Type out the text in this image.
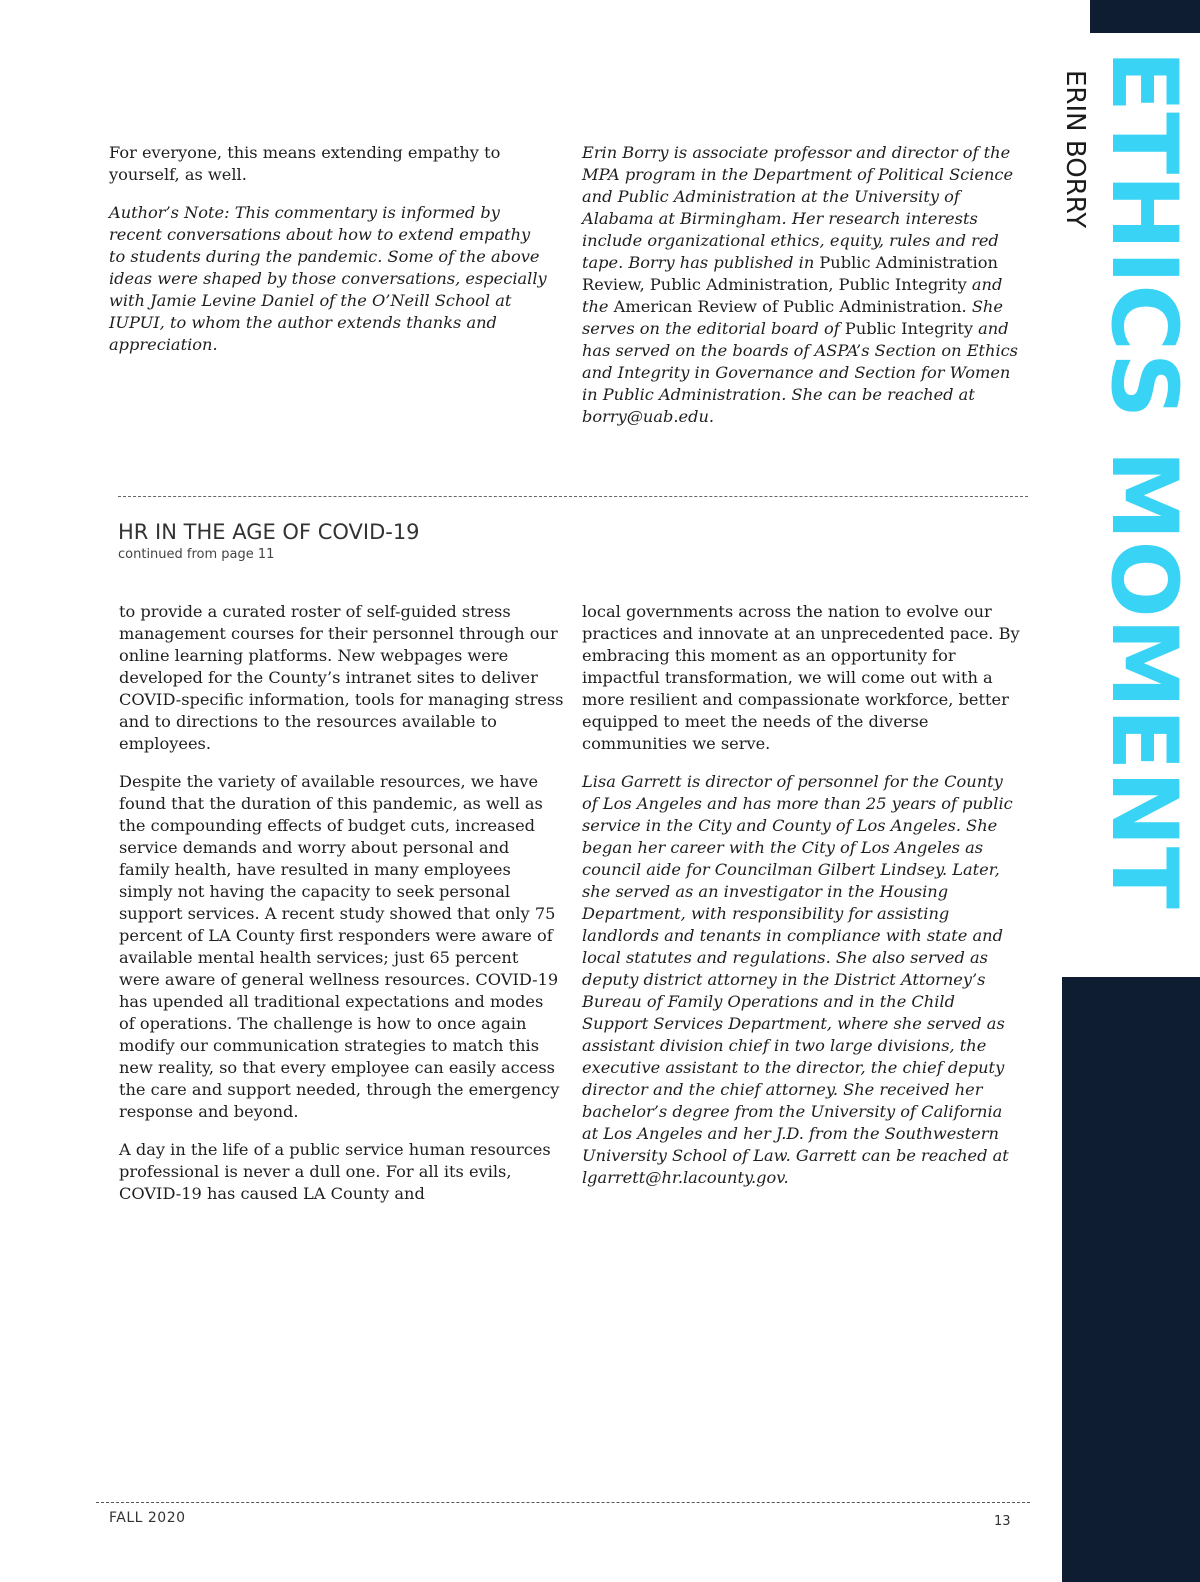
ETHICS MOMENT
ERIN BORRY

For everyone, this means extending empathy to yourself, as well.

Author’s Note: This commentary is informed by recent conversations about how to extend empathy to students during the pandemic. Some of the above ideas were shaped by those conversations, especially with Jamie Levine Daniel of the O’Neill School at IUPUI, to whom the author extends thanks and appreciation.

Erin Borry is associate professor and director of the MPA program in the Department of Political Science and Public Administration at the University of Alabama at Birmingham. Her research interests include organizational ethics, equity, rules and red tape. Borry has published in Public Administration Review, Public Administration, Public Integrity and the American Review of Public Administration. She serves on the editorial board of Public Integrity and has served on the boards of ASPA’s Section on Ethics and Integrity in Governance and Section for Women in Public Administration. She can be reached at borry@uab.edu.

HR IN THE AGE OF COVID-19
continued from page 11

to provide a curated roster of self-guided stress management courses for their personnel through our online learning platforms. New webpages were developed for the County’s intranet sites to deliver COVID-specific information, tools for managing stress and to directions to the resources available to employees.

Despite the variety of available resources, we have found that the duration of this pandemic, as well as the compounding effects of budget cuts, increased service demands and worry about personal and family health, have resulted in many employees simply not having the capacity to seek personal support services. A recent study showed that only 75 percent of LA County first responders were aware of available mental health services; just 65 percent were aware of general wellness resources. COVID-19 has upended all traditional expectations and modes of operations. The challenge is how to once again modify our communication strategies to match this new reality, so that every employee can easily access the care and support needed, through the emergency response and beyond.

A day in the life of a public service human resources professional is never a dull one. For all its evils, COVID-19 has caused LA County and

local governments across the nation to evolve our practices and innovate at an unprecedented pace. By embracing this moment as an opportunity for impactful transformation, we will come out with a more resilient and compassionate workforce, better equipped to meet the needs of the diverse communities we serve.

Lisa Garrett is director of personnel for the County of Los Angeles and has more than 25 years of public service in the City and County of Los Angeles. She began her career with the City of Los Angeles as council aide for Councilman Gilbert Lindsey. Later, she served as an investigator in the Housing Department, with responsibility for assisting landlords and tenants in compliance with state and local statutes and regulations. She also served as deputy district attorney in the District Attorney’s Bureau of Family Operations and in the Child Support Services Department, where she served as assistant division chief in two large divisions, the executive assistant to the director, the chief deputy director and the chief attorney. She received her bachelor’s degree from the University of California at Los Angeles and her J.D. from the Southwestern University School of Law. Garrett can be reached at lgarrett@hr.lacounty.gov.

FALL 2020	13
